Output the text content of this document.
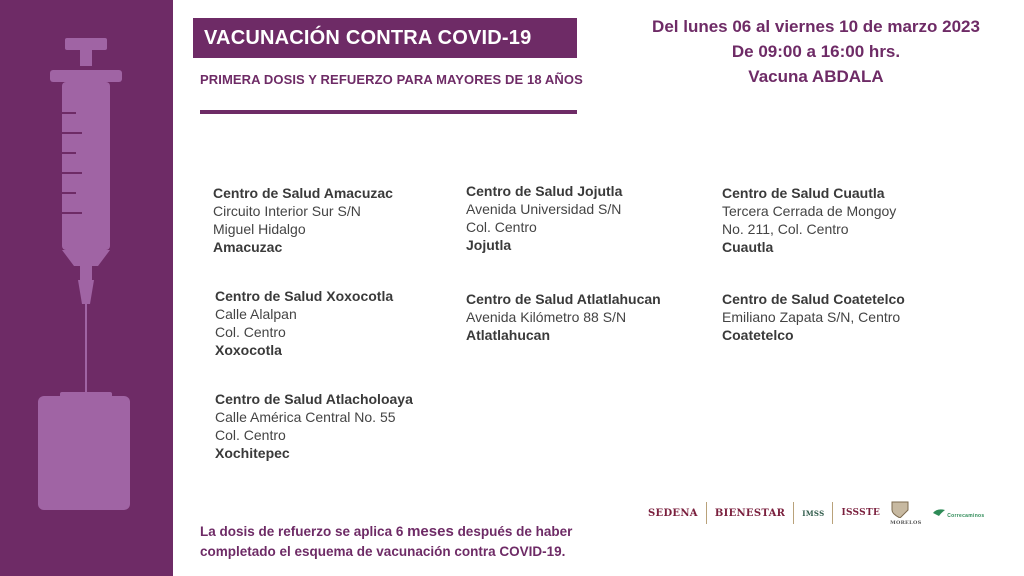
VACUNACIÓN CONTRA COVID-19
PRIMERA DOSIS Y REFUERZO PARA MAYORES DE 18 AÑOS
Del lunes 06 al viernes 10 de marzo 2023
De 09:00 a 16:00 hrs.
Vacuna ABDALA
Centro de Salud Amacuzac
Circuito Interior Sur S/N
Miguel Hidalgo
Amacuzac
Centro de Salud Xoxocotla
Calle Alalpan
Col. Centro
Xoxocotla
Centro de Salud Atlacholoaya
Calle América Central No. 55
Col. Centro
Xochitepec
Centro de Salud Jojutla
Avenida Universidad S/N
Col. Centro
Jojutla
Centro de Salud Atlatlahucan
Avenida Kilómetro 88 S/N
Atlatlahucan
Centro de Salud Cuautla
Tercera Cerrada de Mongoy
No. 211, Col. Centro
Cuautla
Centro de Salud Coatetelco
Emiliano Zapata S/N, Centro
Coatetelco
La dosis de refuerzo se aplica 6 meses después de haber
completado el esquema de vacunación contra COVID-19.
SEDENA BIENESTAR IMSS ISSSTE
MORELOS
Correcaminos
